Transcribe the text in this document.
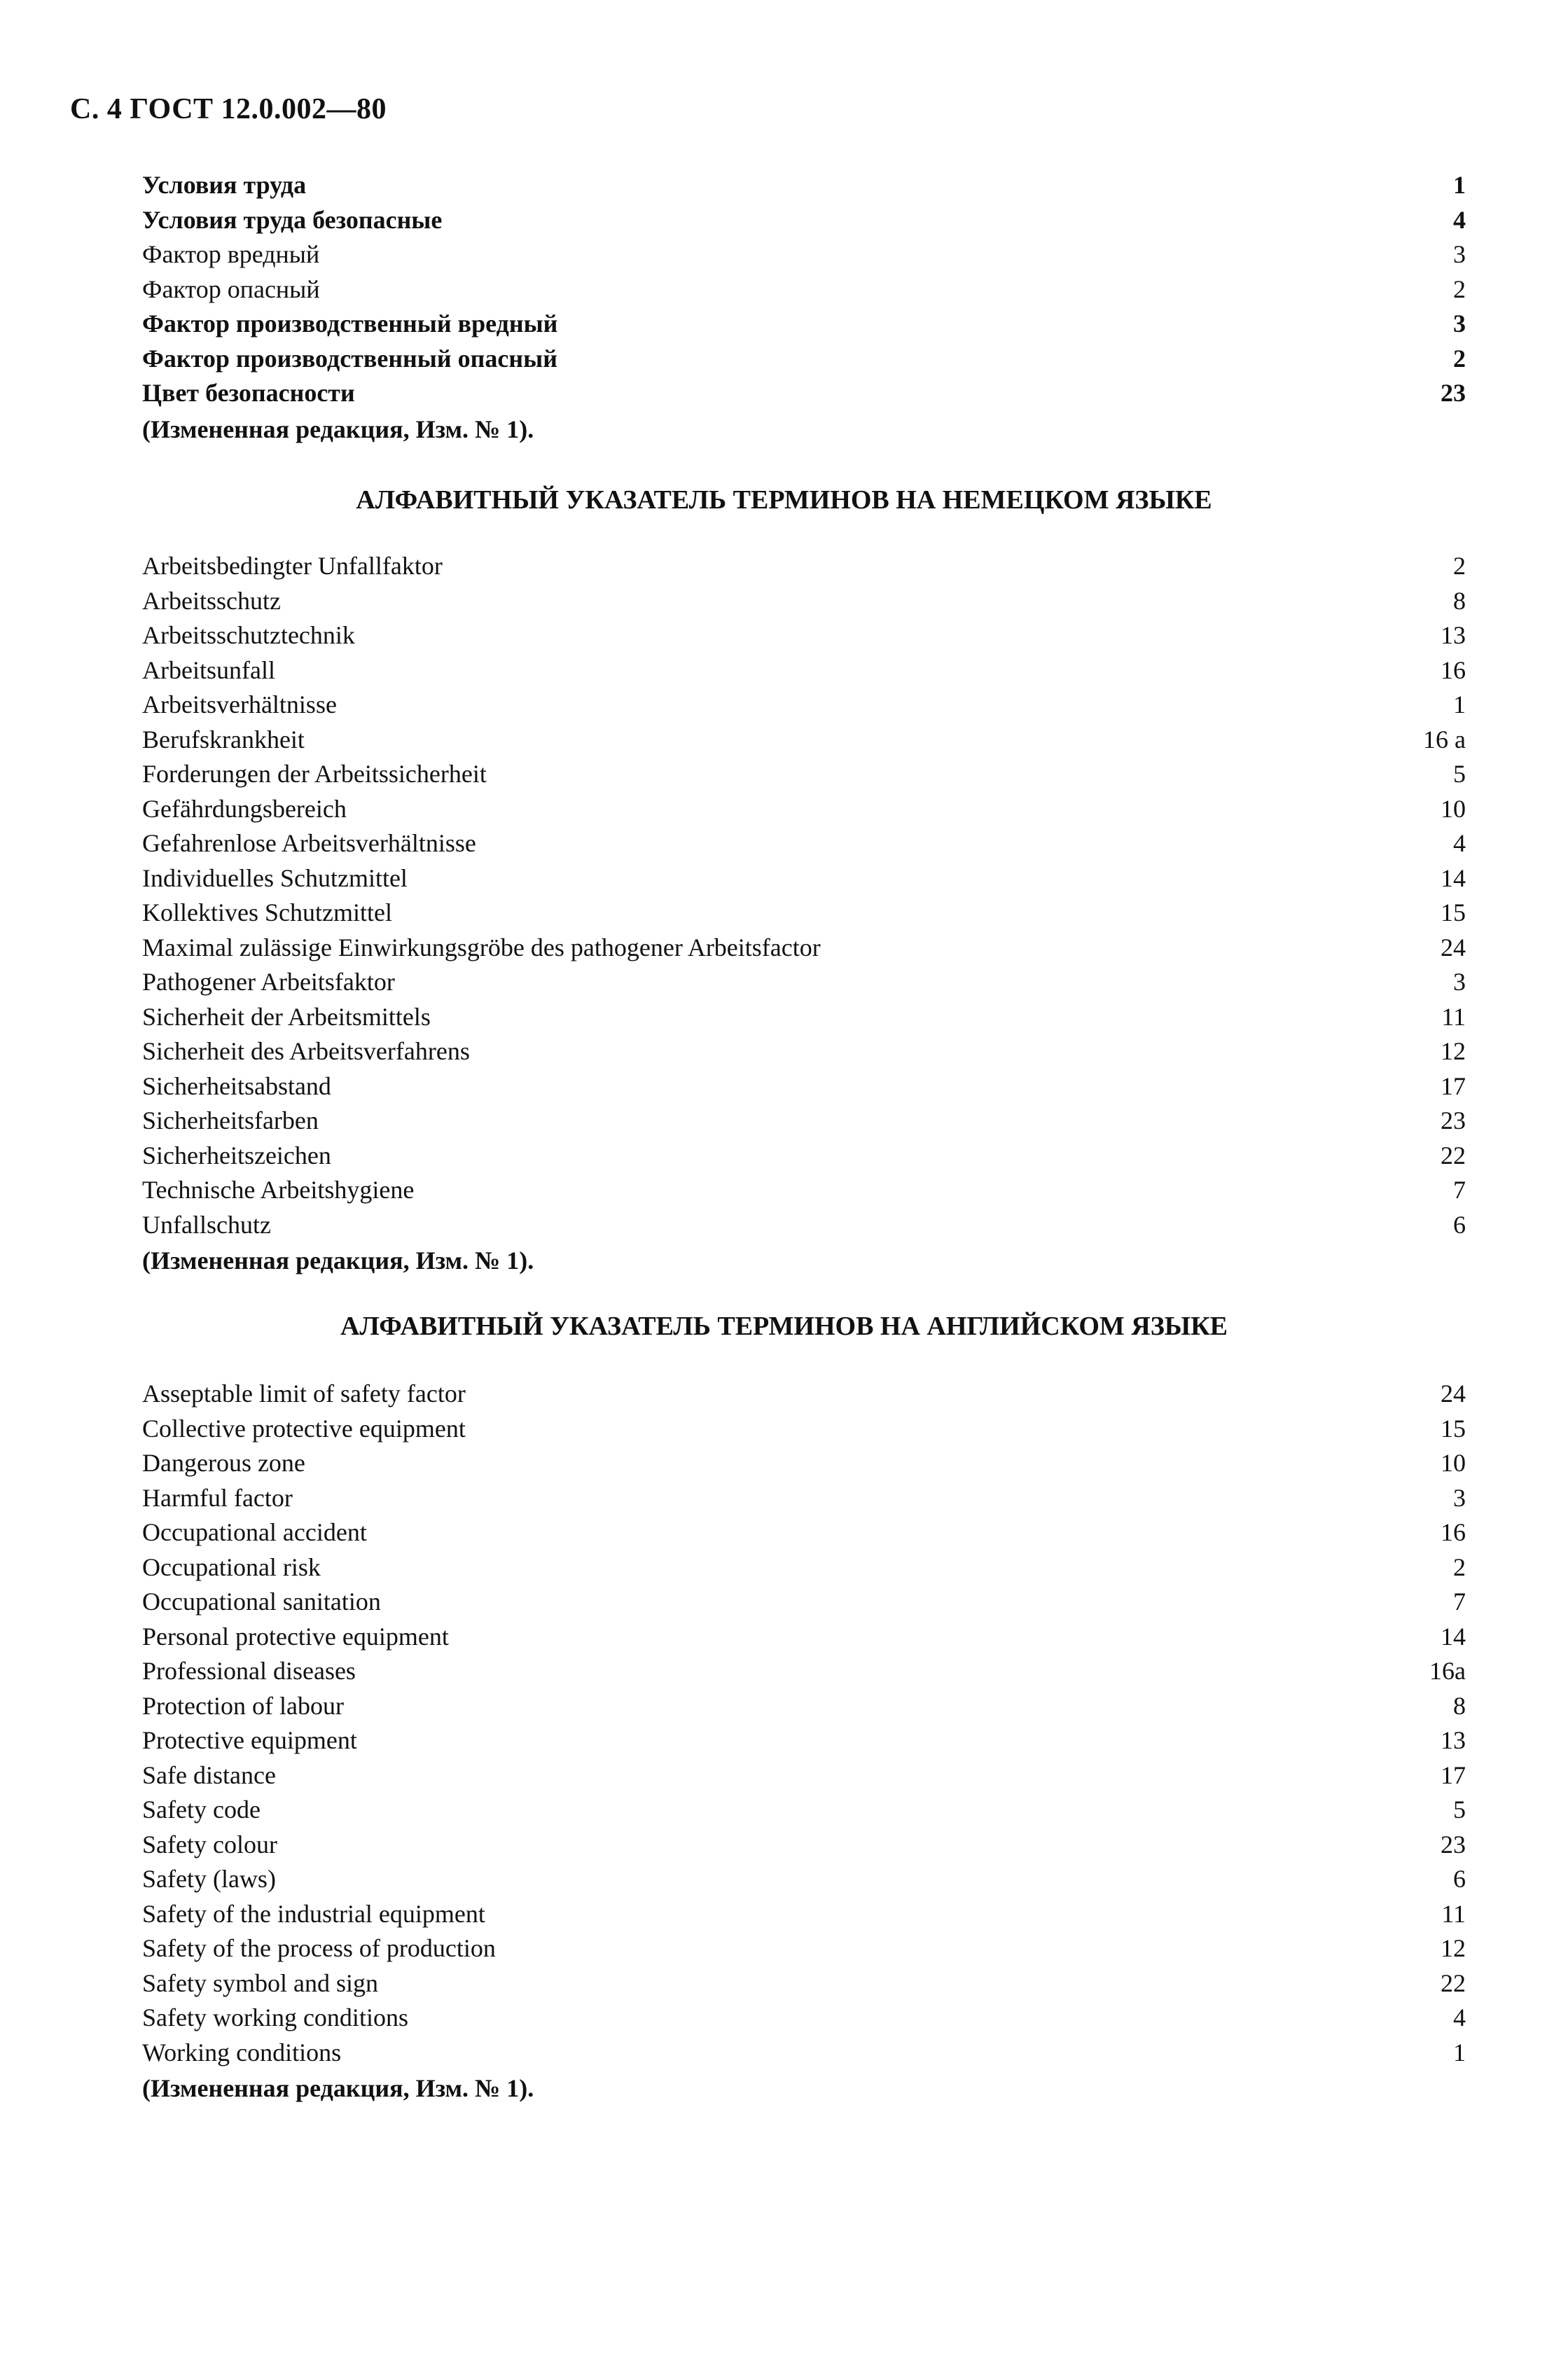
С. 4 ГОСТ 12.0.002—80
Условия труда	1
Условия труда безопасные	4
Фактор вредный	3
Фактор опасный	2
Фактор производственный вредный	3
Фактор производственный опасный	2
Цвет безопасности	23
(Измененная редакция, Изм. № 1).
АЛФАВИТНЫЙ УКАЗАТЕЛЬ ТЕРМИНОВ НА НЕМЕЦКОМ ЯЗЫКЕ
Arbeitsbedingter Unfallfaktor	2
Arbeitsschutz	8
Arbeitsschutztechnik	13
Arbeitsunfall	16
Arbeitsverhältnisse	1
Berufskrankheit	16 а
Forderungen der Arbeitssicherheit	5
Gefährdungsbereich	10
Gefahrenlose Arbeitsverhältnisse	4
Individuelles Schutzmittel	14
Kollektives Schutzmittel	15
Maximal zulässige Einwirkungsgröbe des pathogener Arbeitsfactor	24
Pathogener Arbeitsfaktor	3
Sicherheit der Arbeitsmittels	11
Sicherheit des Arbeitsverfahrens	12
Sicherheitsabstand	17
Sicherheitsfarben	23
Sicherheitszeichen	22
Technische Arbeitshygiene	7
Unfallschutz	6
(Измененная редакция, Изм. № 1).
АЛФАВИТНЫЙ УКАЗАТЕЛЬ ТЕРМИНОВ НА АНГЛИЙСКОМ ЯЗЫКЕ
Asseptable limit of safety factor	24
Collective protective equipment	15
Dangerous zone	10
Harmful factor	3
Occupational accident	16
Occupational risk	2
Occupational sanitation	7
Personal protective equipment	14
Professional diseases	16a
Protection of labour	8
Protective equipment	13
Safe distance	17
Safety code	5
Safety colour	23
Safety (laws)	6
Safety of the industrial equipment	11
Safety of the process of production	12
Safety symbol and sign	22
Safety working conditions	4
Working conditions	1
(Измененная редакция, Изм. № 1).
